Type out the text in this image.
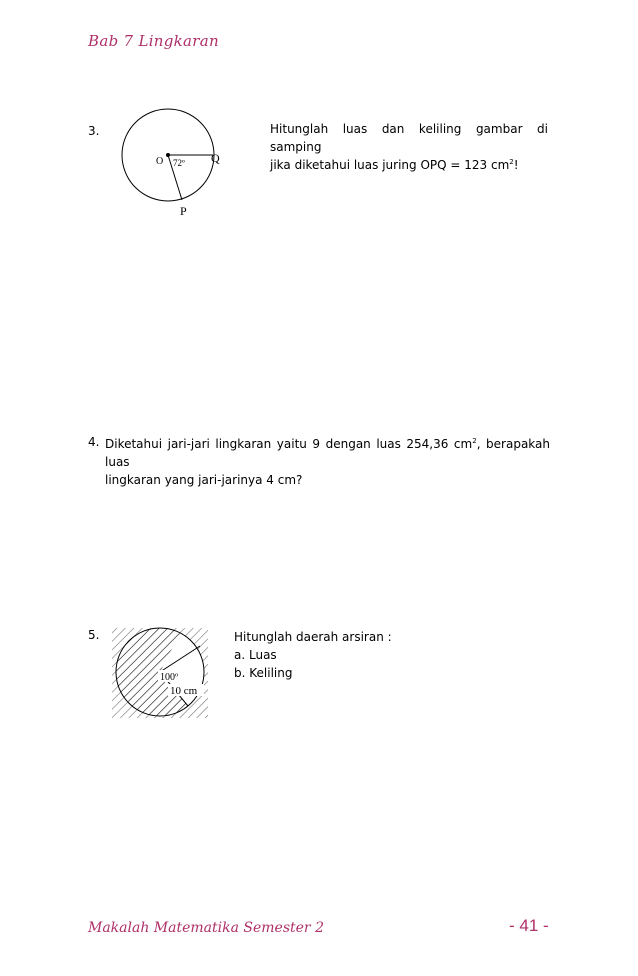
Bab 7 Lingkaran
3.
O 72º Q
P
Hitunglah luas dan keliling gambar di samping
jika diketahui luas juring OPQ = 123 $cm^2$!
4. Diketahui jari-jari lingkaran yaitu 9 dengan luas 254,36 $cm^2$, berapakah luas
lingkaran yang jari-jarinya 4 cm?
5.
100º
10 cm
Hitunglah daerah arsiran :
a. Luas
b. Keliling
Makalah Matematika Semester 2	- 41 -
